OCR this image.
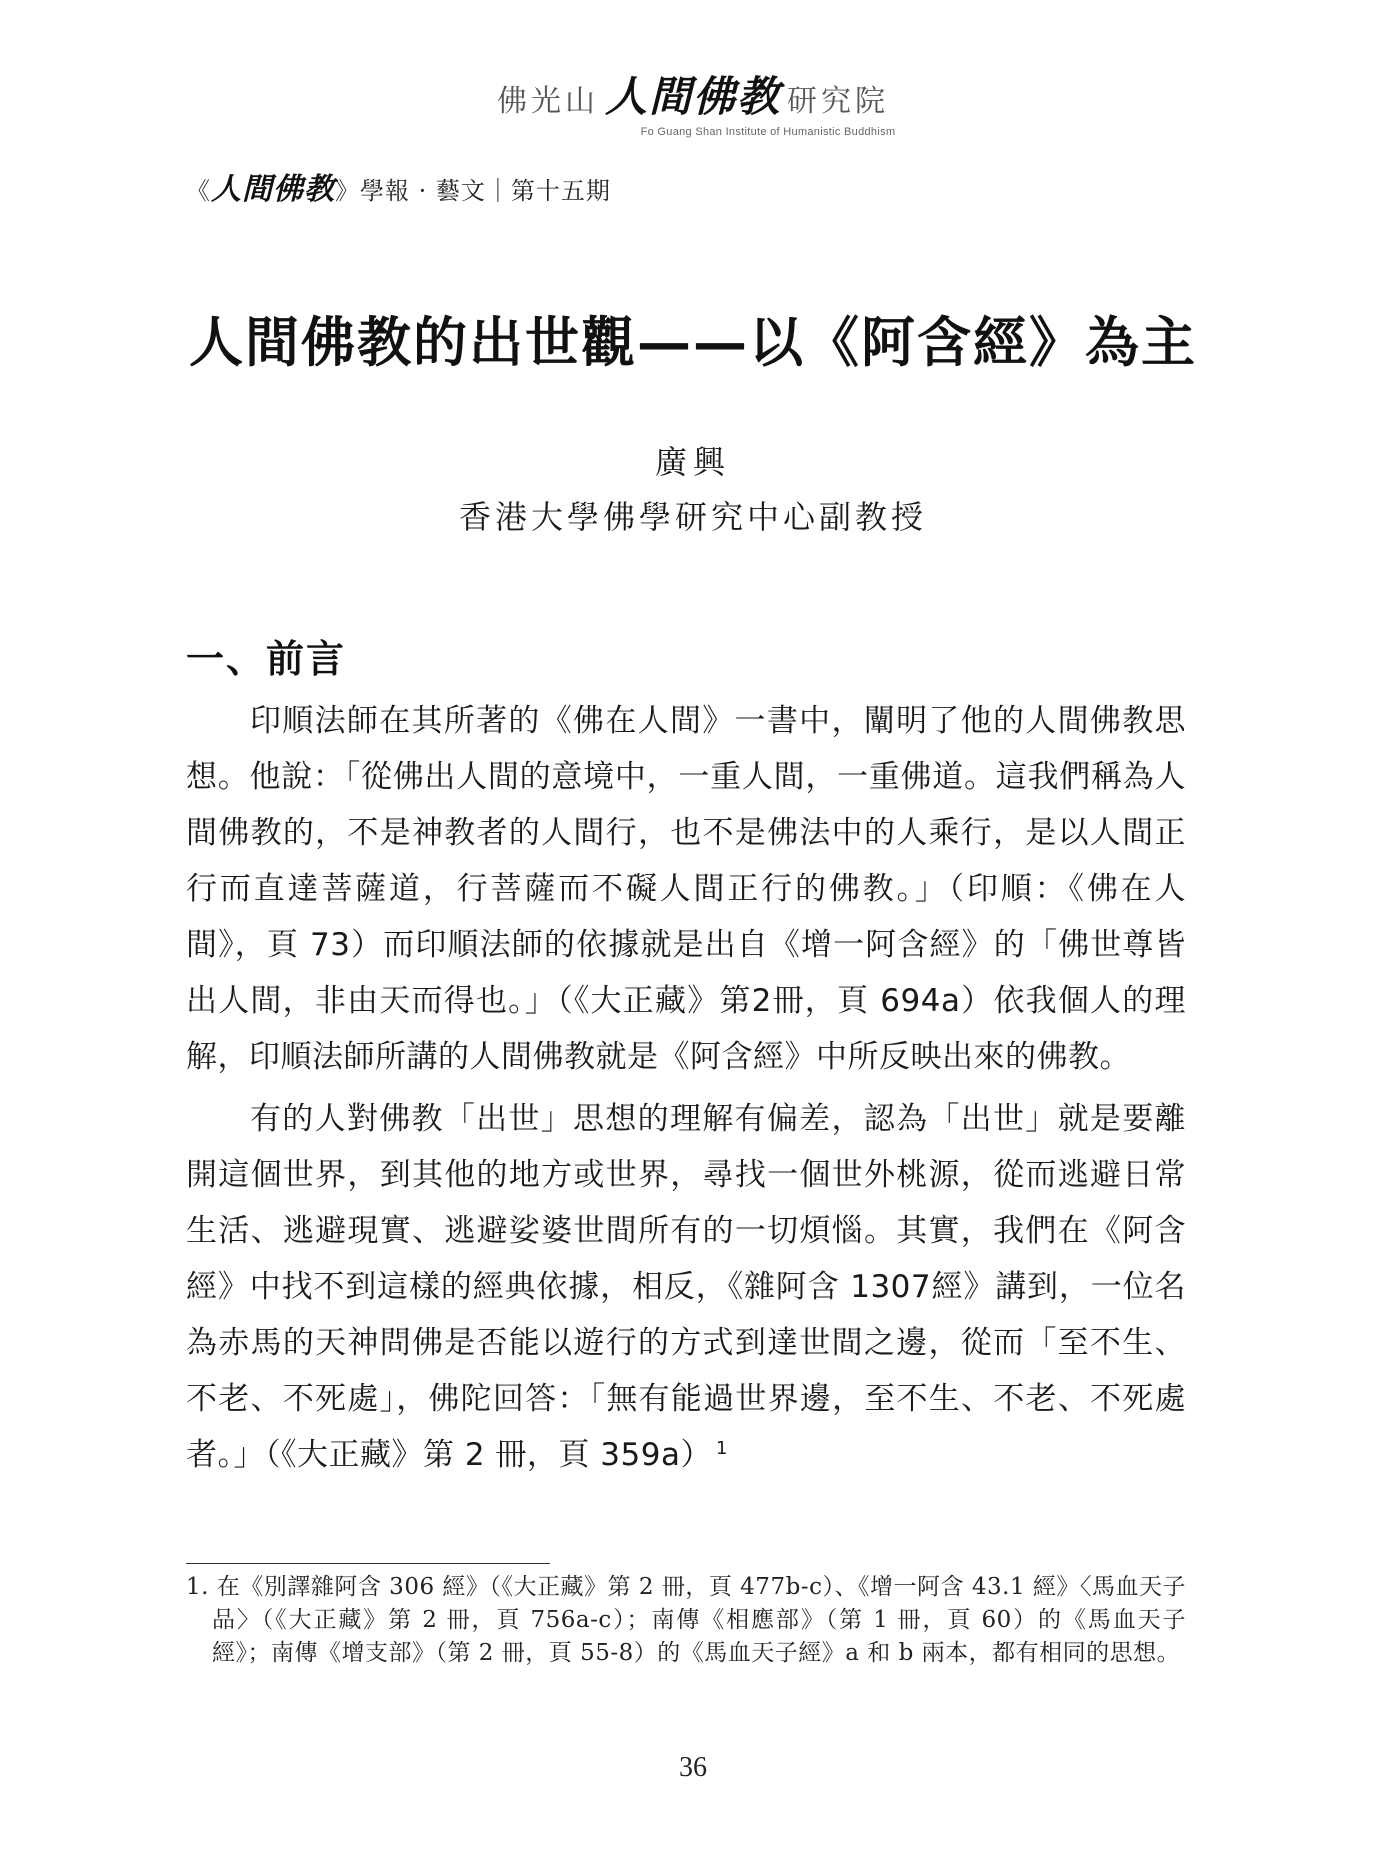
佛光山 人間佛教 研究院
Fo Guang Shan Institute of Humanistic Buddhism
《人間佛教》學報 · 藝文｜第十五期
人間佛教的出世觀——以《阿含經》為主
廣興
香港大學佛學研究中心副教授
一、前言

印順法師在其所著的《佛在人間》一書中，闡明了他的人間佛教思想。他說：「從佛出人間的意境中，一重人間，一重佛道。這我們稱為人間佛教的，不是神教者的人間行，也不是佛法中的人乘行，是以人間正行而直達菩薩道，行菩薩而不礙人間正行的佛教。」（印順：《佛在人間》，頁 73）而印順法師的依據就是出自《增一阿含經》的「佛世尊皆出人間，非由天而得也。」（《大正藏》第2冊，頁 694a）依我個人的理解，印順法師所講的人間佛教就是《阿含經》中所反映出來的佛教。

有的人對佛教「出世」思想的理解有偏差，認為「出世」就是要離開這個世界，到其他的地方或世界，尋找一個世外桃源，從而逃避日常生活、逃避現實、逃避娑婆世間所有的一切煩惱。其實，我們在《阿含經》中找不到這樣的經典依據，相反，《雜阿含 1307經》講到，一位名為赤馬的天神問佛是否能以遊行的方式到達世間之邊，從而「至不生、不老、不死處」，佛陀回答：「無有能過世界邊，至不生、不老、不死處者。」（《大正藏》第 2 冊，頁 359a） $^1$

1. 在《別譯雜阿含 306 經》（《大正藏》第 2 冊，頁 477b-c）、《增一阿含 43.1 經》〈馬血天子品〉（《大正藏》第 2 冊，頁 756a-c）；南傳《相應部》（第 1 冊，頁 60）的《馬血天子經》；南傳《增支部》（第 2 冊，頁 55-8）的《馬血天子經》a 和 b 兩本，都有相同的思想。
36
